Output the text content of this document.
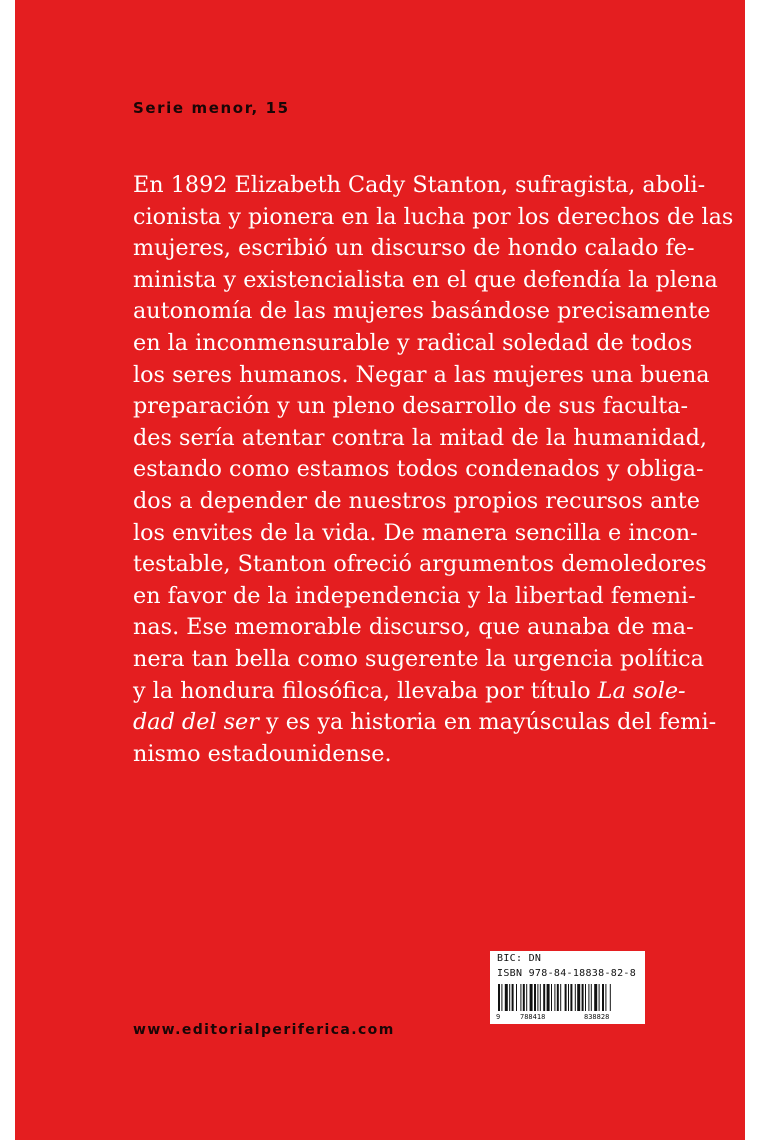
Serie menor, 15
En 1892 Elizabeth Cady Stanton, sufragista, aboli-
cionista y pionera en la lucha por los derechos de las
mujeres, escribió un discurso de hondo calado fe-
minista y existencialista en el que defendía la plena
autonomía de las mujeres basándose precisamente
en la inconmensurable y radical soledad de todos
los seres humanos. Negar a las mujeres una buena
preparación y un pleno desarrollo de sus faculta-
des sería atentar contra la mitad de la humanidad,
estando como estamos todos condenados y obliga-
dos a depender de nuestros propios recursos ante
los envites de la vida. De manera sencilla e incon-
testable, Stanton ofreció argumentos demoledores
en favor de la independencia y la libertad femeni-
nas. Ese memorable discurso, que aunaba de ma-
nera tan bella como sugerente la urgencia política
y la hondura filosófica, llevaba por título La sole-
dad del ser y es ya historia en mayúsculas del femi-
nismo estadounidense.
www.editorialperiferica.com
BIC: DN
ISBN 978-84-18838-82-8
9	788418	838828
